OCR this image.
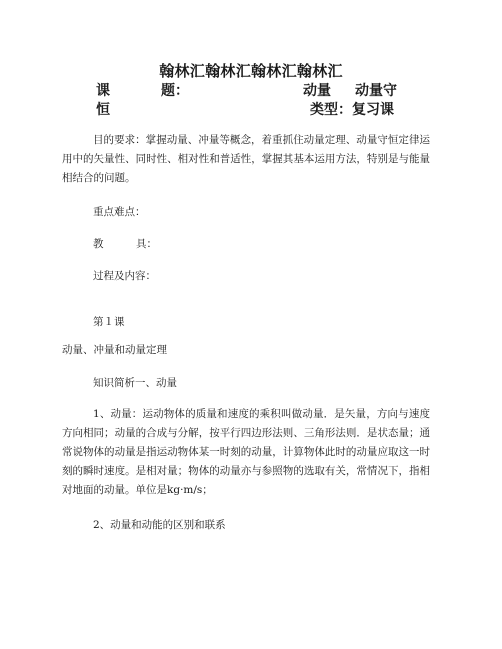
翰林汇翰林汇翰林汇翰林汇
课	题：	动量 动量守
恒	类型：复习课
目的要求：掌握动量、冲量等概念，着重抓住动量定理、动量守恒定律运用中的矢量性、同时性、相对性和普适性，掌握其基本运用方法，特别是与能量相结合的问题。
重点难点：
教	具：
过程及内容：
第１课
动量、冲量和动量定理
知识简析一、动量
1、动量：运动物体的质量和速度的乘积叫做动量．是矢量，方向与速度方向相同；动量的合成与分解，按平行四边形法则、三角形法则．是状态量；通常说物体的动量是指运动物体某一时刻的动量，计算物体此时的动量应取这一时刻的瞬时速度。是相对量；物体的动量亦与参照物的选取有关，常情况下，指相对地面的动量。单位是kg·m/s；
2、动量和动能的区别和联系
